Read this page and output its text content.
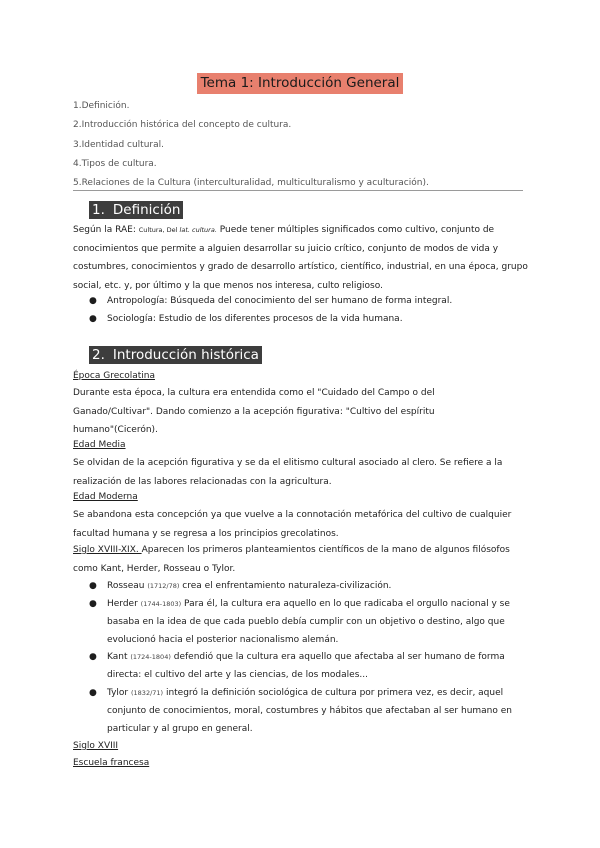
Tema 1: Introducción General
1.Definición.
2.Introducción histórica del concepto de cultura.
3.Identidad cultural.
4.Tipos de cultura.
5.Relaciones de la Cultura (interculturalidad, multiculturalismo y aculturación).
1. Definición
Según la RAE: Cultura, Del lat. cultura. Puede tener múltiples significados como cultivo, conjunto de conocimientos que permite a alguien desarrollar su juicio crítico, conjunto de modos de vida y costumbres, conocimientos y grado de desarrollo artístico, científico, industrial, en una época, grupo social, etc. y, por último y la que menos nos interesa, culto religioso.
●	Antropología: Búsqueda del conocimiento del ser humano de forma integral.
●	Sociología: Estudio de los diferentes procesos de la vida humana.
2. Introducción histórica
Época Grecolatina
Durante esta época, la cultura era entendida como el "Cuidado del Campo o del Ganado/Cultivar". Dando comienzo a la acepción figurativa: "Cultivo del espíritu humano"(Cicerón).
Edad Media
Se olvidan de la acepción figurativa y se da el elitismo cultural asociado al clero. Se refiere a la realización de las labores relacionadas con la agricultura.
Edad Moderna
Se abandona esta concepción ya que vuelve a la connotación metafórica del cultivo de cualquier facultad humana y se regresa a los principios grecolatinos.
Siglo XVIII-XIX. Aparecen los primeros planteamientos científicos de la mano de algunos filósofos como Kant, Herder, Rosseau o Tylor.
●	Rosseau (1712/78) crea el enfrentamiento naturaleza-civilización.
●	Herder (1744-1803) Para él, la cultura era aquello en lo que radicaba el orgullo nacional y se basaba en la idea de que cada pueblo debía cumplir con un objetivo o destino, algo que evolucionó hacia el posterior nacionalismo alemán.
●	Kant (1724-1804) defendió que la cultura era aquello que afectaba al ser humano de forma directa: el cultivo del arte y las ciencias, de los modales...
●	Tylor (1832/71) integró la definición sociológica de cultura por primera vez, es decir, aquel conjunto de conocimientos, moral, costumbres y hábitos que afectaban al ser humano en particular y al grupo en general.
Siglo XVIII
Escuela francesa
